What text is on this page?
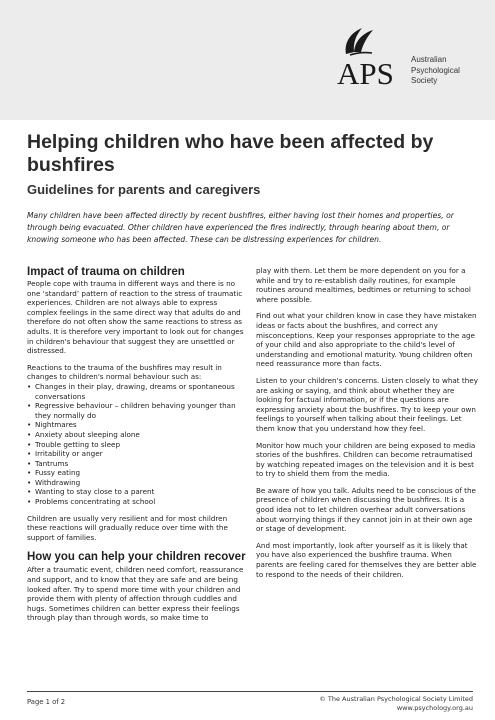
APS Australian
Psychological
Society
Helping children who have been affected by bushfires
Guidelines for parents and caregivers

Many children have been affected directly by recent bushfires, either having lost their homes and properties, or through being evacuated. Other children have experienced the fires indirectly, through hearing about them, or knowing someone who has been affected. These can be distressing experiences for children.

Impact of trauma on children

People cope with trauma in different ways and there is no one ‘standard’ pattern of reaction to the stress of traumatic experiences. Children are not always able to express complex feelings in the same direct way that adults do and therefore do not often show the same reactions to stress as adults. It is therefore very important to look out for changes in children's behaviour that suggest they are unsettled or distressed.

Reactions to the trauma of the bushfires may result in changes to children's normal behaviour such as:

• Changes in their play, drawing, dreams or spontaneous conversations
• Regressive behaviour – children behaving younger than they normally do
• Nightmares
• Anxiety about sleeping alone
• Trouble getting to sleep
• Irritability or anger
• Tantrums
• Fussy eating
• Withdrawing
• Wanting to stay close to a parent
• Problems concentrating at school

Children are usually very resilient and for most children

these reactions will gradually reduce over time with the support of families.

How you can help your children recover

After a traumatic event, children need comfort, reassurance and support, and to know that they are safe and are being looked after. Try to spend more time with your children and provide them with plenty of affection through cuddles and hugs. Sometimes children can better express their feelings through play than through words, so make time to

play with them. Let them be more dependent on you for a while and try to re-establish daily routines, for example routines around mealtimes, bedtimes or returning to school where possible.

Find out what your children know in case they have mistaken ideas or facts about the bushfires, and correct any misconceptions. Keep your responses appropriate to the age of your child and also appropriate to the child's level of understanding and emotional maturity. Young children often need reassurance more than facts.

Listen to your children's concerns. Listen closely to what they are asking or saying, and think about whether they are looking for factual information, or if the questions are expressing anxiety about the bushfires. Try to keep your own feelings to yourself when talking about their feelings. Let them know that you understand how they feel.

Monitor how much your children are being exposed to media stories of the bushfires. Children can become retraumatised by watching repeated images on the television and it is best to try to shield them from the media.

Be aware of how you talk. Adults need to be conscious of the presence of children when discussing the bushfires. It is a good idea not to let children overhear adult conversations about worrying things if they cannot join in at their own age or stage of development.

And most importantly, look after yourself as it is likely that you have also experienced the bushfire trauma. When parents are feeling cared for themselves they are better able to respond to the needs of their children.

Page 1 of 2	© The Australian Psychological Society Limited
www.psychology.org.au
